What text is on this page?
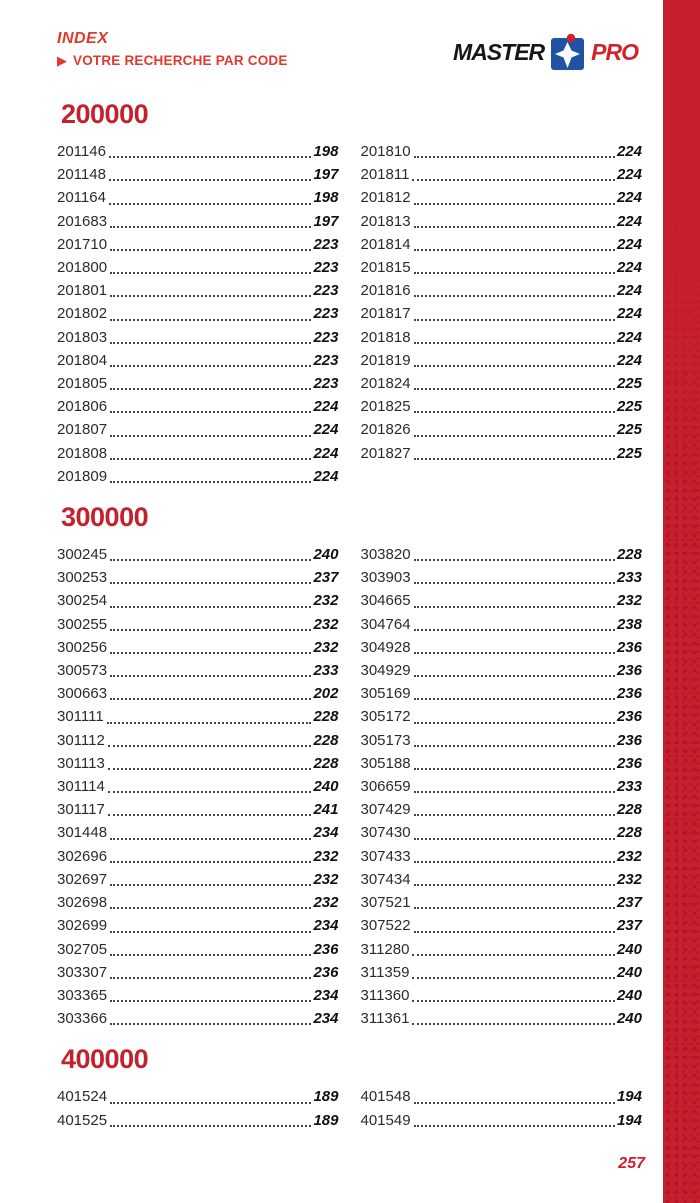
INDEX
▶ VOTRE RECHERCHE PAR CODE	MASTER PRO
200000
201146	198
201148	197
201164	198
201683	197
201710	223
201800	223
201801	223
201802	223
201803	223
201804	223
201805	223
201806	224
201807	224
201808	224
201809	224
201810	224
201811	224
201812	224
201813	224
201814	224
201815	224
201816	224
201817	224
201818	224
201819	224
201824	225
201825	225
201826	225
201827	225
300000
300245	240
300253	237
300254	232
300255	232
300256	232
300573	233
300663	202
301111	228
301112	228
301113	228
301114	240
301117	241
301448	234
302696	232
302697	232
302698	232
302699	234
302705	236
303307	236
303365	234
303366	234
303820	228
303903	233
304665	232
304764	238
304928	236
304929	236
305169	236
305172	236
305173	236
305188	236
306659	233
307429	228
307430	228
307433	232
307434	232
307521	237
307522	237
311280	240
311359	240
311360	240
311361	240
400000
401524	189
401525	189
401548	194
401549	194
257
